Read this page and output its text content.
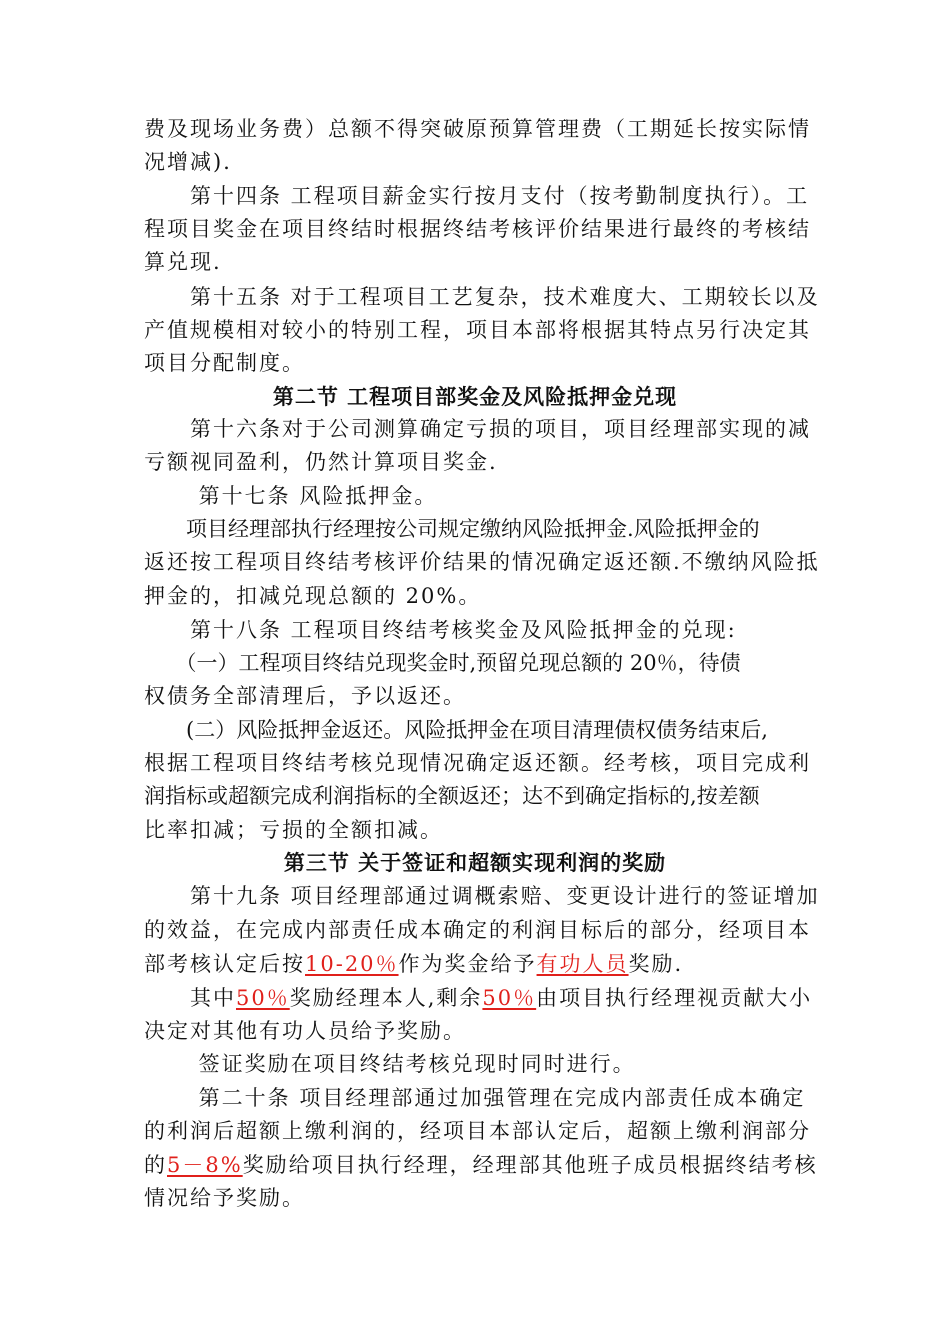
费及现场业务费）总额不得突破原预算管理费（工期延长按实际情
况增减)．
　　第十四条 工程项目薪金实行按月支付（按考勤制度执行）。工
程项目奖金在项目终结时根据终结考核评价结果进行最终的考核结
算兑现.
　　第十五条 对于工程项目工艺复杂，技术难度大、工期较长以及
产值规模相对较小的特别工程，项目本部将根据其特点另行决定其
项目分配制度。
第二节 工程项目部奖金及风险抵押金兑现
　　第十六条对于公司测算确定亏损的项目，项目经理部实现的减
亏额视同盈利，仍然计算项目奖金.
　　 第十七条 风险抵押金。
　　项目经理部执行经理按公司规定缴纳风险抵押金.风险抵押金的
返还按工程项目终结考核评价结果的情况确定返还额.不缴纳风险抵
押金的，扣减兑现总额的 20%。
　　第十八条 工程项目终结考核奖金及风险抵押金的兑现:
　　（一）工程项目终结兑现奖金时,预留兑现总额的 20％，待债
权债务全部清理后，予以返还。
　　(二）风险抵押金返还。风险抵押金在项目清理债权债务结束后,
根据工程项目终结考核兑现情况确定返还额。经考核，项目完成利
润指标或超额完成利润指标的全额返还；达不到确定指标的,按差额
比率扣减；亏损的全额扣减。
第三节 关于签证和超额实现利润的奖励
　　第十九条 项目经理部通过调概索赔、变更设计进行的签证增加
的效益，在完成内部责任成本确定的利润目标后的部分，经项目本
部考核认定后按10-20％作为奖金给予有功人员奖励.
　　其中50％奖励经理本人,剩余50％由项目执行经理视贡献大小
决定对其他有功人员给予奖励。
　　 签证奖励在项目终结考核兑现时同时进行。
　　 第二十条 项目经理部通过加强管理在完成内部责任成本确定
的利润后超额上缴利润的，经项目本部认定后，超额上缴利润部分
的5－8%奖励给项目执行经理，经理部其他班子成员根据终结考核
情况给予奖励。
